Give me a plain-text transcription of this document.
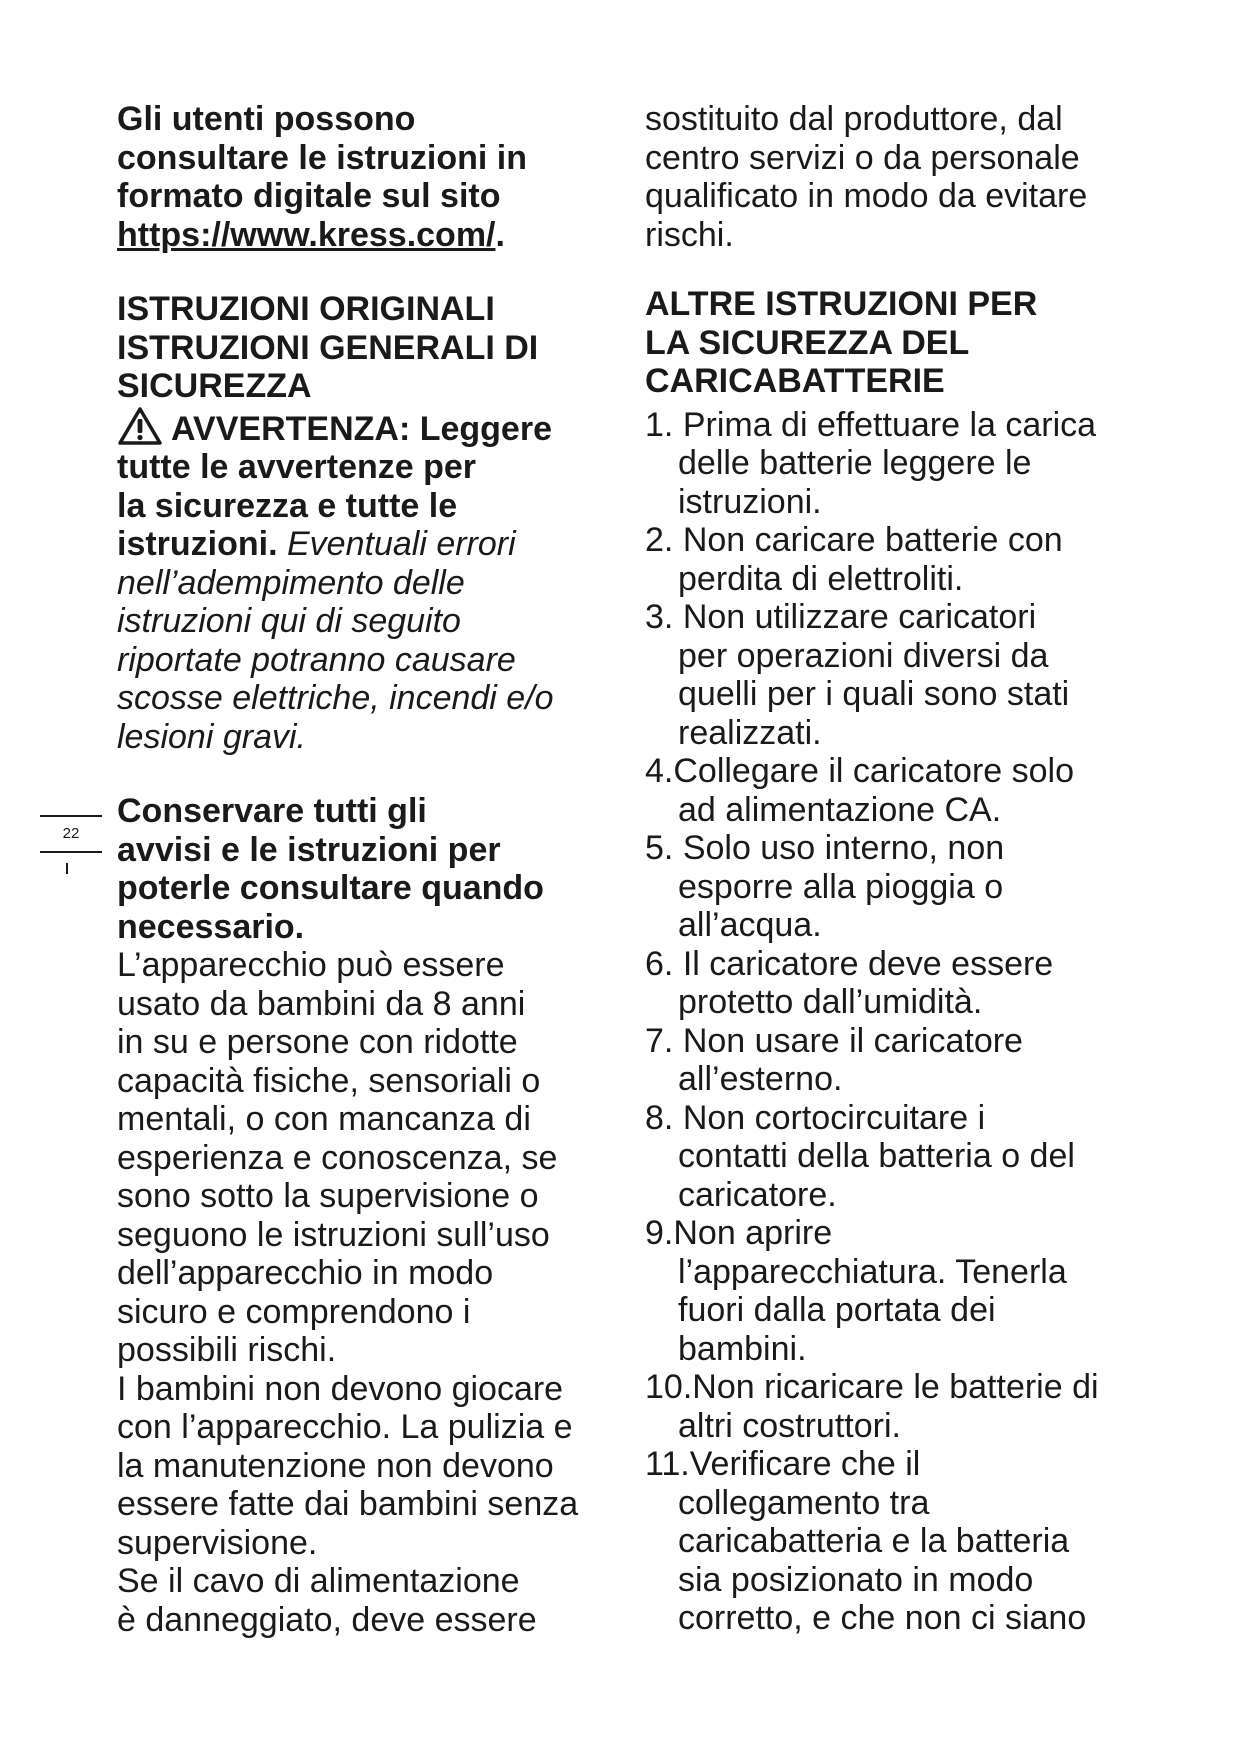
22
Gli utenti possono
consultare le istruzioni in
formato digitale sul sito
https://www.kress.com/.
ISTRUZIONI ORIGINALI
ISTRUZIONI GENERALI DI
SICUREZZA
AVVERTENZA: Leggere
tutte le avvertenze per
la sicurezza e tutte le
istruzioni. Eventuali errori
nell’adempimento delle
istruzioni qui di seguito
riportate potranno causare
scosse elettriche, incendi e/o
lesioni gravi.
Conservare tutti gli
avvisi e le istruzioni per
poterle consultare quando
necessario.
L’apparecchio può essere
usato da bambini da 8 anni
in su e persone con ridotte
capacità fisiche, sensoriali o
mentali, o con mancanza di
esperienza e conoscenza, se
sono sotto la supervisione o
seguono le istruzioni sull’uso
dell’apparecchio in modo
sicuro e comprendono i
possibili rischi.
I bambini non devono giocare
con l’apparecchio. La pulizia e
la manutenzione non devono
essere fatte dai bambini senza
supervisione.
Se il cavo di alimentazione
è danneggiato, deve essere
sostituito dal produttore, dal
centro servizi o da personale
qualificato in modo da evitare
rischi.
ALTRE ISTRUZIONI PER
LA SICUREZZA DEL
CARICABATTERIE
1. Prima di effettuare la carica
delle batterie leggere le
istruzioni.
2. Non caricare batterie con
perdita di elettroliti.
3. Non utilizzare caricatori
per operazioni diversi da
quelli per i quali sono stati
realizzati.
4.Collegare il caricatore solo
ad alimentazione CA.
5. Solo uso interno, non
esporre alla pioggia o
all’acqua.
6. Il caricatore deve essere
protetto dall’umidità.
7. Non usare il caricatore
all’esterno.
8. Non cortocircuitare i
contatti della batteria o del
caricatore.
9.Non aprire
l’apparecchiatura. Tenerla
fuori dalla portata dei
bambini.
10.Non ricaricare le batterie di
altri costruttori.
11.Verificare che il
collegamento tra
caricabatteria e la batteria
sia posizionato in modo
corretto, e che non ci siano
